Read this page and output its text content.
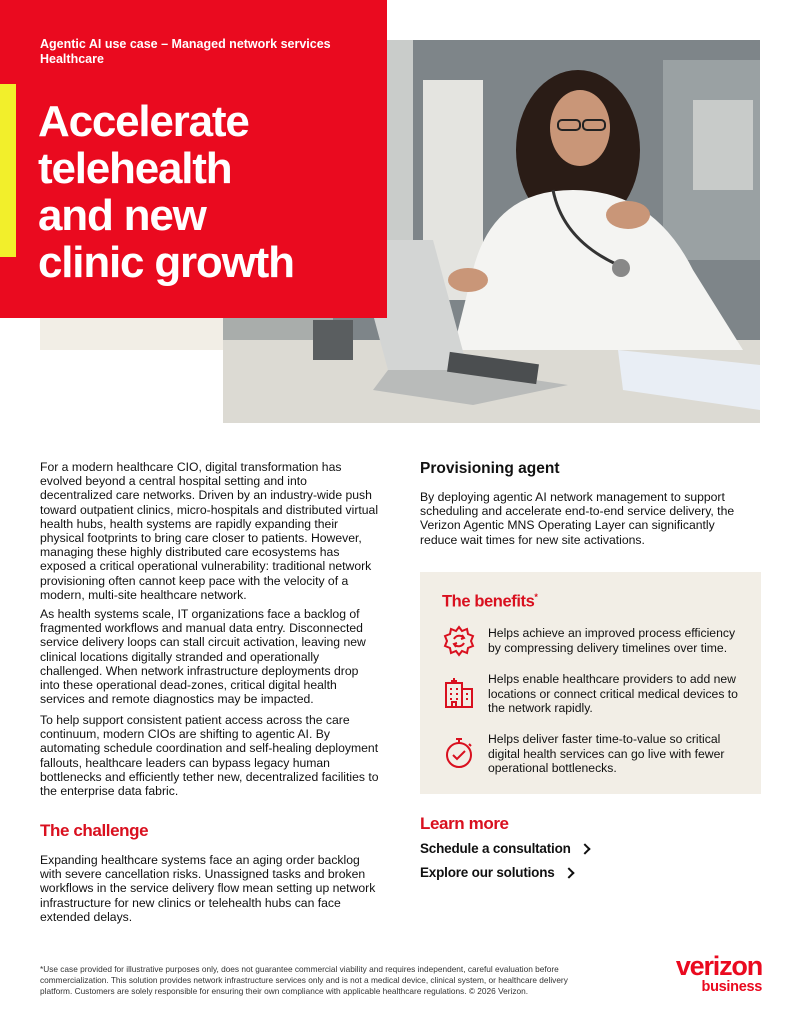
Agentic AI use case – Managed network services
Healthcare
Accelerate
telehealth
and new
clinic growth

For a modern healthcare CIO, digital transformation has evolved beyond a central hospital setting and into decentralized care networks. Driven by an industry-wide push toward outpatient clinics, micro-hospitals and distributed virtual health hubs, health systems are rapidly expanding their physical footprints to bring care closer to patients. However, managing these highly distributed care ecosystems has exposed a critical operational vulnerability: traditional network provisioning often cannot keep pace with the velocity of a modern, multi-site healthcare network.

As health systems scale, IT organizations face a backlog of fragmented workflows and manual data entry. Disconnected service delivery loops can stall circuit activation, leaving new clinical locations digitally stranded and operationally challenged. When network infrastructure deployments drop into these operational dead-zones, critical digital health services and remote diagnostics may be impacted.

To help support consistent patient access across the care continuum, modern CIOs are shifting to agentic AI. By automating schedule coordination and self-healing deployment fallouts, healthcare leaders can bypass legacy human bottlenecks and efficiently tether new, decentralized facilities to the enterprise data fabric.

The challenge

Expanding healthcare systems face an aging order backlog with severe cancellation risks. Unassigned tasks and broken workflows in the service delivery flow mean setting up network infrastructure for new clinics or telehealth hubs can face extended delays.

Provisioning agent

By deploying agentic AI network management to support scheduling and accelerate end-to-end service delivery, the Verizon Agentic MNS Operating Layer can significantly reduce wait times for new site activations.

The benefits*
Helps achieve an improved process efficiency by compressing delivery timelines over time.
Helps enable healthcare providers to add new locations or connect critical medical devices to the network rapidly.
Helps deliver faster time-to-value so critical digital health services can go live with fewer operational bottlenecks.
Learn more
Schedule a consultation
Explore our solutions

*Use case provided for illustrative purposes only, does not guarantee commercial viability and requires independent, careful evaluation before commercialization. This solution provides network infrastructure services only and is not a medical device, clinical system, or healthcare delivery platform. Customers are solely responsible for ensuring their own compliance with applicable healthcare regulations. © 2026 Verizon.

verizon
business
